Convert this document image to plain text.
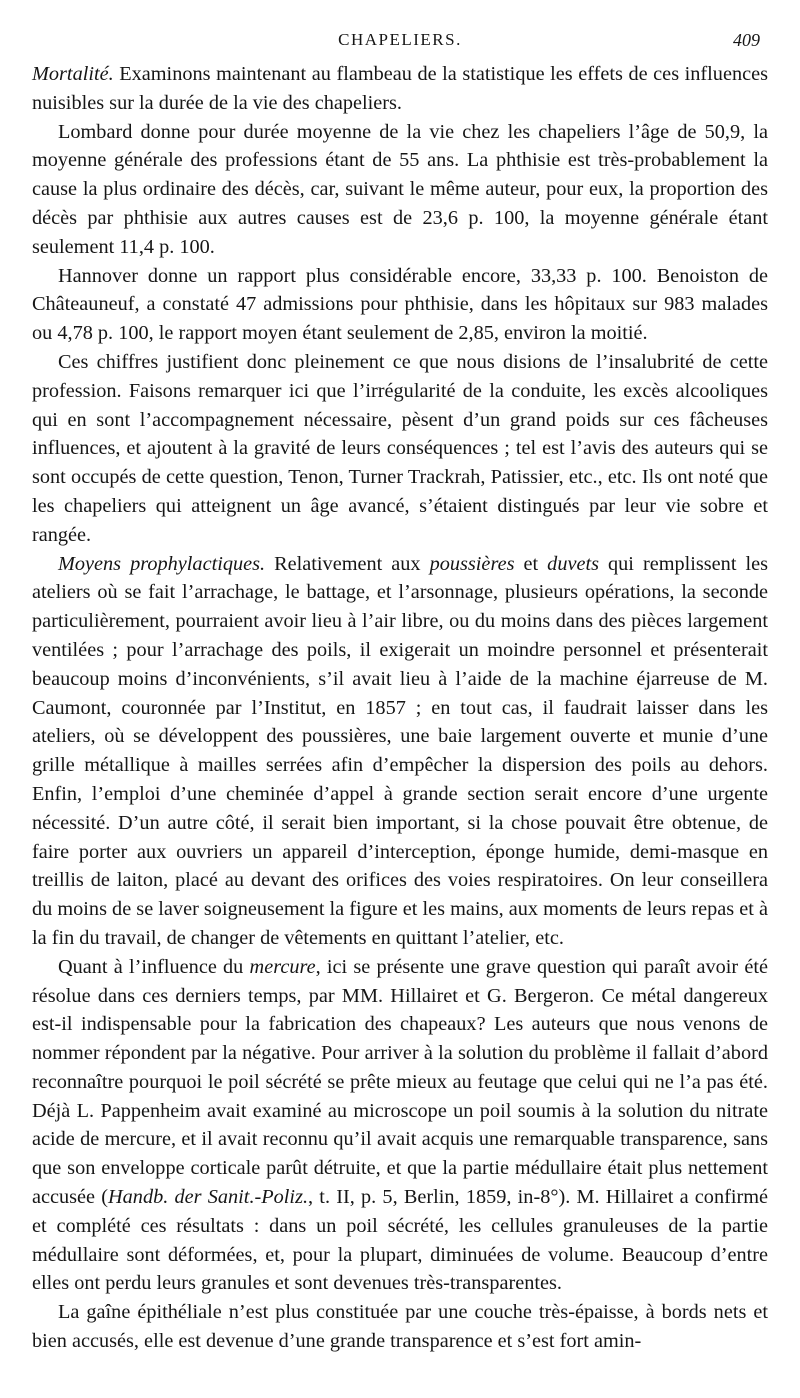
CHAPELIERS.	409

Mortalité. Examinons maintenant au flambeau de la statistique les effets de ces influences nuisibles sur la durée de la vie des chapeliers.

Lombard donne pour durée moyenne de la vie chez les chapeliers l’âge de 50,9, la moyenne générale des professions étant de 55 ans. La phthisie est très-probablement la cause la plus ordinaire des décès, car, suivant le même auteur, pour eux, la proportion des décès par phthisie aux autres causes est de 23,6 p. 100, la moyenne générale étant seulement 11,4 p. 100.

Hannover donne un rapport plus considérable encore, 33,33 p. 100. Benoiston de Châteauneuf, a constaté 47 admissions pour phthisie, dans les hôpitaux sur 983 malades ou 4,78 p. 100, le rapport moyen étant seulement de 2,85, environ la moitié.

Ces chiffres justifient donc pleinement ce que nous disions de l’insalubrité de cette profession. Faisons remarquer ici que l’irrégularité de la conduite, les excès alcooliques qui en sont l’accompagnement nécessaire, pèsent d’un grand poids sur ces fâcheuses influences, et ajoutent à la gravité de leurs conséquences ; tel est l’avis des auteurs qui se sont occupés de cette question, Tenon, Turner Trackrah, Patissier, etc., etc. Ils ont noté que les chapeliers qui atteignent un âge avancé, s’étaient distingués par leur vie sobre et rangée.

Moyens prophylactiques. Relativement aux poussières et duvets qui remplissent les ateliers où se fait l’arrachage, le battage, et l’arsonnage, plusieurs opérations, la seconde particulièrement, pourraient avoir lieu à l’air libre, ou du moins dans des pièces largement ventilées ; pour l’arrachage des poils, il exigerait un moindre personnel et présenterait beaucoup moins d’inconvénients, s’il avait lieu à l’aide de la machine éjarreuse de M. Caumont, couronnée par l’Institut, en 1857 ; en tout cas, il faudrait laisser dans les ateliers, où se développent des poussières, une baie largement ouverte et munie d’une grille métallique à mailles serrées afin d’empêcher la dispersion des poils au dehors. Enfin, l’emploi d’une cheminée d’appel à grande section serait encore d’une urgente nécessité. D’un autre côté, il serait bien important, si la chose pouvait être obtenue, de faire porter aux ouvriers un appareil d’interception, éponge humide, demi-masque en treillis de laiton, placé au devant des orifices des voies respiratoires. On leur conseillera du moins de se laver soigneusement la figure et les mains, aux moments de leurs repas et à la fin du travail, de changer de vêtements en quittant l’atelier, etc.

Quant à l’influence du mercure, ici se présente une grave question qui paraît avoir été résolue dans ces derniers temps, par MM. Hillairet et G. Bergeron. Ce métal dangereux est-il indispensable pour la fabrication des chapeaux? Les auteurs que nous venons de nommer répondent par la négative. Pour arriver à la solution du problème il fallait d’abord reconnaître pourquoi le poil sécrété se prête mieux au feutage que celui qui ne l’a pas été. Déjà L. Pappenheim avait examiné au microscope un poil soumis à la solution du nitrate acide de mercure, et il avait reconnu qu’il avait acquis une remarquable transparence, sans que son enveloppe corticale parût détruite, et que la partie médullaire était plus nettement accusée (Handb. der Sanit.-Poliz., t. II, p. 5, Berlin, 1859, in-8°). M. Hillairet a confirmé et complété ces résultats : dans un poil sécrété, les cellules granuleuses de la partie médullaire sont déformées, et, pour la plupart, diminuées de volume. Beaucoup d’entre elles ont perdu leurs granules et sont devenues très-transparentes.

La gaîne épithéliale n’est plus constituée par une couche très-épaisse, à bords nets et bien accusés, elle est devenue d’une grande transparence et s’est fort amin-
